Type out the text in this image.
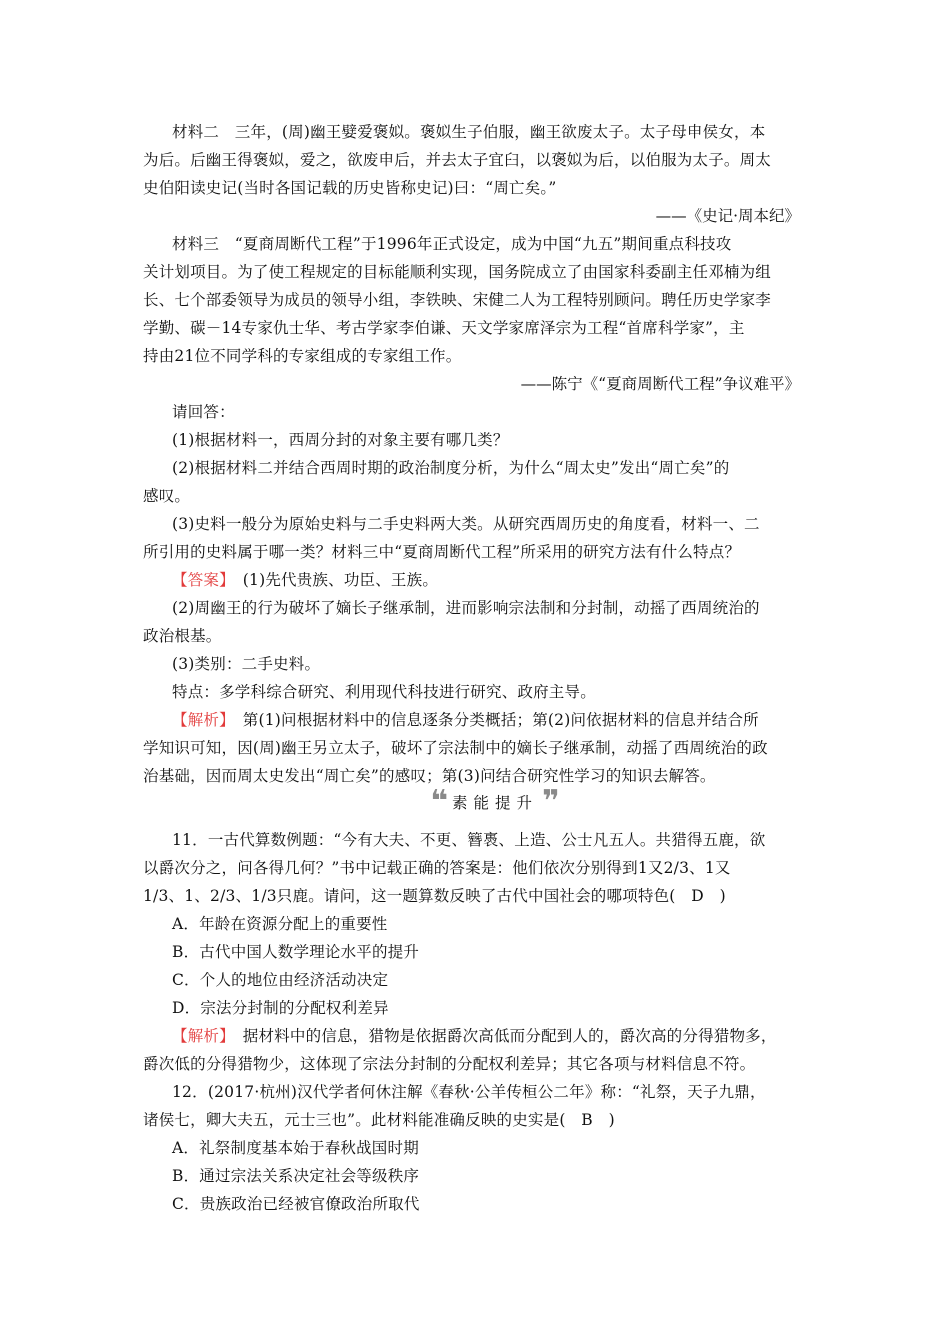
材料二　三年，(周)幽王嬖爱褒姒。褒姒生子伯服，幽王欲废太子。太子母申侯女，本
为后。后幽王得褒姒，爱之，欲废申后，并去太子宜臼，以褒姒为后，以伯服为太子。周太
史伯阳读史记(当时各国记载的历史皆称史记)曰：“周亡矣。”
——《史记·周本纪》
材料三　“夏商周断代工程”于1996年正式设定，成为中国“九五”期间重点科技攻
关计划项目。为了使工程规定的目标能顺利实现，国务院成立了由国家科委副主任邓楠为组
长、七个部委领导为成员的领导小组，李铁映、宋健二人为工程特别顾问。聘任历史学家李
学勤、碳－14专家仇士华、考古学家李伯谦、天文学家席泽宗为工程“首席科学家”，主
持由21位不同学科的专家组成的专家组工作。
——陈宁《“夏商周断代工程”争议难平》
请回答：
(1)根据材料一，西周分封的对象主要有哪几类？
(2)根据材料二并结合西周时期的政治制度分析，为什么“周太史”发出“周亡矣”的
感叹。
(3)史料一般分为原始史料与二手史料两大类。从研究西周历史的角度看，材料一、二
所引用的史料属于哪一类？材料三中“夏商周断代工程”所采用的研究方法有什么特点？
【答案】　(1)先代贵族、功臣、王族。
(2)周幽王的行为破坏了嫡长子继承制，进而影响宗法制和分封制，动摇了西周统治的
政治根基。
(3)类别：二手史料。
特点：多学科综合研究、利用现代科技进行研究、政府主导。
【解析】　第(1)问根据材料中的信息逐条分类概括；第(2)问依据材料的信息并结合所
学知识可知，因(周)幽王另立太子，破坏了宗法制中的嫡长子继承制，动摇了西周统治的政
治基础，因而周太史发出“周亡矣”的感叹；第(3)问结合研究性学习的知识去解答。
❝ 素能提升 ❞
11．一古代算数例题：“今有大夫、不更、簪褭、上造、公士凡五人。共猎得五鹿，欲
以爵次分之，问各得几何？”书中记载正确的答案是：他们依次分别得到1又2/3、1又
1/3、1、2/3、1/3只鹿。请问，这一题算数反映了古代中国社会的哪项特色(　D　)
A．年龄在资源分配上的重要性
B．古代中国人数学理论水平的提升
C．个人的地位由经济活动决定
D．宗法分封制的分配权利差异
【解析】　据材料中的信息，猎物是依据爵次高低而分配到人的，爵次高的分得猎物多，
爵次低的分得猎物少，这体现了宗法分封制的分配权利差异；其它各项与材料信息不符。
12．(2017·杭州)汉代学者何休注解《春秋·公羊传桓公二年》称：“礼祭，天子九鼎，
诸侯七，卿大夫五，元士三也”。此材料能准确反映的史实是(　B　)
A．礼祭制度基本始于春秋战国时期
B．通过宗法关系决定社会等级秩序
C．贵族政治已经被官僚政治所取代
